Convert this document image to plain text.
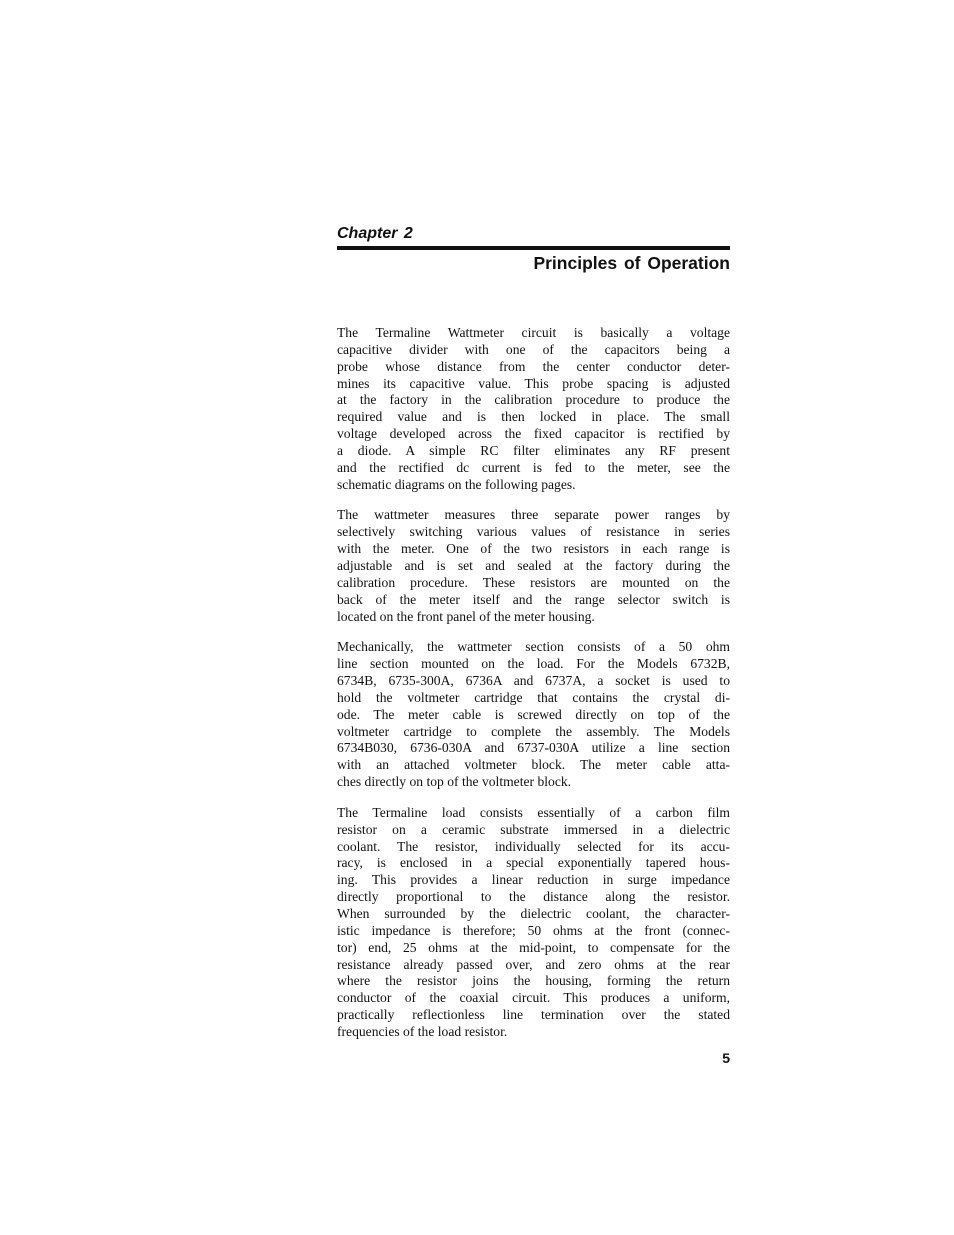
Chapter 2
Principles of Operation

The Termaline Wattmeter circuit is basically a voltage
capacitive divider with one of the capacitors being a
probe whose distance from the center conductor deter-
mines its capacitive value. This probe spacing is adjusted
at the factory in the calibration procedure to produce the
required value and is then locked in place. The small
voltage developed across the fixed capacitor is rectified by
a diode. A simple RC filter eliminates any RF present
and the rectified dc current is fed to the meter, see the
schematic diagrams on the following pages.

The wattmeter measures three separate power ranges by
selectively switching various values of resistance in series
with the meter. One of the two resistors in each range is
adjustable and is set and sealed at the factory during the
calibration procedure. These resistors are mounted on the
back of the meter itself and the range selector switch is
located on the front panel of the meter housing.

Mechanically, the wattmeter section consists of a 50 ohm
line section mounted on the load. For the Models 6732B,
6734B, 6735-300A, 6736A and 6737A, a socket is used to
hold the voltmeter cartridge that contains the crystal di-
ode. The meter cable is screwed directly on top of the
voltmeter cartridge to complete the assembly. The Models
6734B030, 6736-030A and 6737-030A utilize a line section
with an attached voltmeter block. The meter cable atta-
ches directly on top of the voltmeter block.

The Termaline load consists essentially of a carbon film
resistor on a ceramic substrate immersed in a dielectric
coolant. The resistor, individually selected for its accu-
racy, is enclosed in a special exponentially tapered hous-
ing. This provides a linear reduction in surge impedance
directly proportional to the distance along the resistor.
When surrounded by the dielectric coolant, the character-
istic impedance is therefore; 50 ohms at the front (connec-
tor) end, 25 ohms at the mid-point, to compensate for the
resistance already passed over, and zero ohms at the rear
where the resistor joins the housing, forming the return
conductor of the coaxial circuit. This produces a uniform,
practically reflectionless line termination over the stated
frequencies of the load resistor.

5
